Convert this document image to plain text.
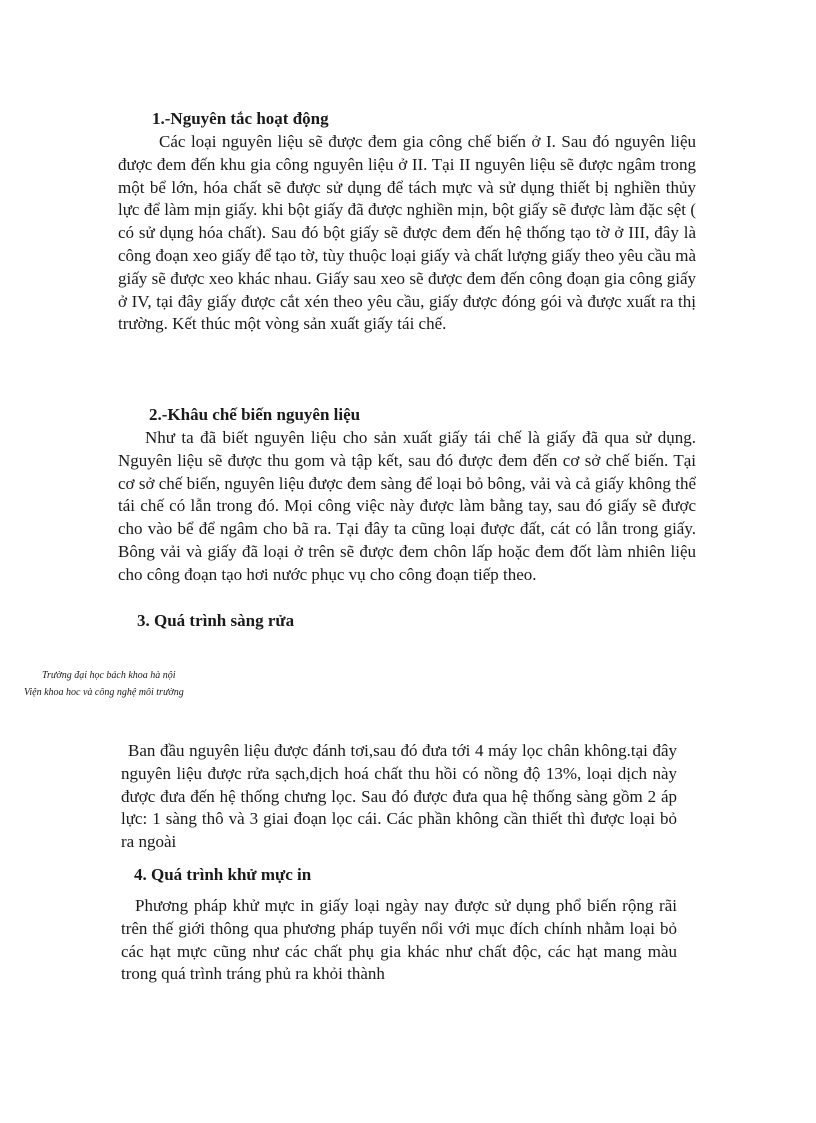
1.-Nguyên tắc hoạt động

Các loại nguyên liệu sẽ được đem gia công chế biến ở I. Sau đó nguyên liệu được đem đến khu gia công nguyên liệu ở II. Tại II nguyên liệu sẽ được ngâm trong một bể lớn, hóa chất sẽ được sử dụng để tách mực và sử dụng thiết bị nghiền thủy lực để làm mịn giấy. khi bột giấy đã được nghiền mịn, bột giấy sẽ được làm đặc sệt ( có sử dụng hóa chất). Sau đó bột giấy sẽ được đem đến hệ thống tạo tờ ở III, đây là công đoạn xeo giấy để tạo tờ, tùy thuộc loại giấy và chất lượng giấy theo yêu cầu mà giấy sẽ được xeo khác nhau. Giấy sau xeo sẽ được đem đến công đoạn gia công giấy ở IV, tại đây giấy được cắt xén theo yêu cầu, giấy được đóng gói và được xuất ra thị trường. Kết thúc một vòng sản xuất giấy tái chế.

2.-Khâu chế biến nguyên liệu

Như ta đã biết nguyên liệu cho sản xuất giấy tái chế là giấy đã qua sử dụng. Nguyên liệu sẽ được thu gom và tập kết, sau đó được đem đến cơ sở chế biến. Tại cơ sở chế biến, nguyên liệu được đem sàng để loại bỏ bông, vải và cả giấy không thể tái chế có lẫn trong đó. Mọi công việc này được làm bằng tay, sau đó giấy sẽ được cho vào bể để ngâm cho bã ra. Tại đây ta cũng loại được đất, cát có lẫn trong giấy. Bông vải và giấy đã loại ở trên sẽ được đem chôn lấp hoặc đem đốt làm nhiên liệu cho công đoạn tạo hơi nước phục vụ cho công đoạn tiếp theo.

3. Quá trình sàng rửa
Trường đại học bách khoa hà nội
Viện khoa hoc và công nghệ môi trường

Ban đầu nguyên liệu được đánh tơi,sau đó đưa tới 4 máy lọc chân không.tại đây nguyên liệu được rửa sạch,dịch hoá chất thu hồi có nồng độ 13%, loại dịch này được đưa đến hệ thống chưng lọc. Sau đó được đưa qua hệ thống sàng gồm 2 áp lực: 1 sàng thô và 3 giai đoạn lọc cái. Các phần không cần thiết thì được loại bỏ ra ngoài

4. Quá trình khử mực in

Phương pháp khử mực in giấy loại ngày nay được sử dụng phổ biến rộng rãi trên thế giới thông qua phương pháp tuyển nổi với mục đích chính nhằm loại bỏ các hạt mực cũng như các chất phụ gia khác như chất độc, các hạt mang màu trong quá trình tráng phủ ra khỏi thành
